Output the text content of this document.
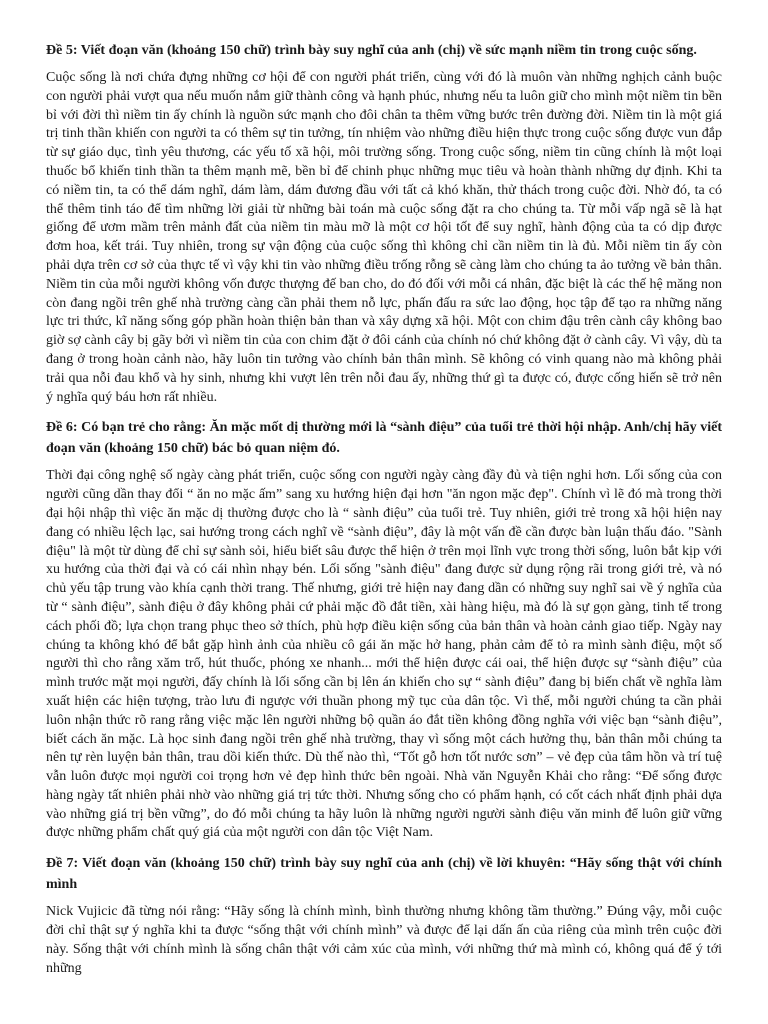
Đề 5: Viết đoạn văn (khoảng 150 chữ) trình bày suy nghĩ của anh (chị) về sức mạnh niềm tin trong cuộc sống.
Cuộc sống là nơi chứa đựng những cơ hội để con người phát triển, cùng với đó là muôn vàn những nghịch cảnh buộc con người phải vượt qua nếu muốn nắm giữ thành công và hạnh phúc, nhưng nếu ta luôn giữ cho mình một niềm tin bền bỉ với đời thì niềm tin ấy chính là nguồn sức mạnh cho đôi chân ta thêm vững bước trên đường đời. Niềm tin là một giá trị tinh thần khiến con người ta có thêm sự tin tưởng, tín nhiệm vào những điều hiện thực trong cuộc sống được vun đắp từ sự giáo dục, tình yêu thương, các yếu tố xã hội, môi trường sống. Trong cuộc sống, niềm tin cũng chính là một loại thuốc bổ khiến tinh thần ta thêm mạnh mẽ, bền bỉ để chinh phục những mục tiêu và hoàn thành những dự định. Khi ta có niềm tin, ta có thể dám nghĩ, dám làm, dám đương đầu với tất cả khó khăn, thử thách trong cuộc đời. Nhờ đó, ta có thể thêm tinh táo để tìm những lời giải từ những bài toán mà cuộc sống đặt ra cho chúng ta. Từ mỗi vấp ngã sẽ là hạt giống để ươm mầm trên mảnh đất của niềm tin màu mỡ là một cơ hội tốt để suy nghĩ, hành động của ta có dịp được đơm hoa, kết trái. Tuy nhiên, trong sự vận động của cuộc sống thì không chỉ cần niềm tin là đủ. Mỗi niềm tin ấy còn phải dựa trên cơ sở của thực tế vì vậy khi tin vào những điều trống rỗng sẽ càng làm cho chúng ta ảo tưởng về bản thân. Niềm tin của mỗi người không vốn được thượng đế ban cho, do đó đối với mỗi cá nhân, đặc biệt là các thế hệ măng non còn đang ngồi trên ghế nhà trường càng cần phải them nỗ lực, phấn đấu ra sức lao động, học tập để tạo ra những năng lực tri thức, kĩ năng sống góp phần hoàn thiện bản than và xây dựng xã hội. Một con chim đậu trên cành cây không bao giờ sợ cành cây bị gãy bởi vì niềm tin của con chim đặt ở đôi cánh của chính nó chứ không đặt ở cành cây. Vì vậy, dù ta đang ở trong hoàn cảnh nào, hãy luôn tin tưởng vào chính bản thân mình. Sẽ không có vinh quang nào mà không phải trải qua nỗi đau khổ và hy sinh, nhưng khi vượt lên trên nỗi đau ấy, những thứ gì ta được có, được cống hiến sẽ trở nên ý nghĩa quý báu hơn rất nhiều.
Đề 6: Có bạn trẻ cho rằng: Ăn mặc mốt dị thường mới là “sành điệu” của tuổi trẻ thời hội nhập. Anh/chị hãy viết đoạn văn (khoảng 150 chữ) bác bỏ quan niệm đó.
Thời đại công nghệ số ngày càng phát triển, cuộc sống con người ngày càng đầy đủ và tiện nghi hơn. Lối sống của con người cũng dần thay đổi “ ăn no mặc ấm” sang xu hướng hiện đại hơn "ăn ngon mặc đẹp". Chính vì lẽ đó mà trong thời đại hội nhập thì việc ăn mặc dị thường được cho là “ sành điệu” của tuổi trẻ. Tuy nhiên, giới trẻ trong xã hội hiện nay đang có nhiều lệch lạc, sai hướng trong cách nghĩ về “sành điệu”, đây là một vấn đề cần được bàn luận thấu đáo. "Sành điệu" là một từ dùng để chỉ sự sành sỏi, hiểu biết sâu được thể hiện ở trên mọi lĩnh vực trong thời sống, luôn bắt kịp với xu hướng của thời đại và có cái nhìn nhạy bén. Lối sống "sành điệu" đang được sử dụng rộng rãi trong giới trẻ, và nó chủ yếu tập trung vào khía cạnh thời trang. Thế nhưng, giới trẻ hiện nay đang dần có những suy nghĩ sai về ý nghĩa của từ “ sành điệu”, sành điệu ở đây không phải cứ phải mặc đồ đắt tiền, xài hàng hiệu, mà đó là sự gọn gàng, tinh tế trong cách phối đồ; lựa chọn trang phục theo sở thích, phù hợp điều kiện sống của bản thân và hoàn cảnh giao tiếp. Ngày nay chúng ta không khó để bắt gặp hình ảnh của nhiều cô gái ăn mặc hở hang, phản cảm để tỏ ra mình sành điệu, một số người thì cho rằng xăm trổ, hút thuốc, phóng xe nhanh... mới thể hiện được cái oai, thể hiện được sự “sành điệu” của mình trước mặt mọi người, đấy chính là lối sống cần bị lên án khiến cho sự “ sành điệu” đang bị biến chất về nghĩa làm xuất hiện các hiện tượng, trào lưu đi ngược với thuần phong mỹ tục của dân tộc. Vì thế, mỗi người chúng ta cần phải luôn nhận thức rõ rang rằng việc mặc lên người những bộ quần áo đắt tiền không đồng nghĩa với việc bạn “sành điệu”, biết cách ăn mặc. Là học sinh đang ngồi trên ghế nhà trường, thay vì sống một cách hưởng thụ, bản thân mỗi chúng ta nên tự rèn luyện bản thân, trau dồi kiến thức. Dù thế nào thì, “Tốt gỗ hơn tốt nước sơn” – vẻ đẹp của tâm hồn và trí tuệ vẫn luôn được mọi người coi trọng hơn vẻ đẹp hình thức bên ngoài. Nhà văn Nguyễn Khải cho rằng: “Để sống được hàng ngày tất nhiên phải nhờ vào những giá trị tức thời. Nhưng sống cho có phẩm hạnh, có cốt cách nhất định phải dựa vào những giá trị bền vững”, do đó mỗi chúng ta hãy luôn là những người người sành điệu văn minh để luôn giữ vững được những phẩm chất quý giá của một người con dân tộc Việt Nam.
Đề 7: Viết đoạn văn (khoảng 150 chữ) trình bày suy nghĩ của anh (chị) về lời khuyên: “Hãy sống thật với chính mình
Nick Vujicic đã từng nói rằng: “Hãy sống là chính mình, bình thường nhưng không tầm thường.” Đúng vậy, mỗi cuộc đời chỉ thật sự ý nghĩa khi ta được “sống thật với chính mình” và được để lại dấn ấn của riêng của mình trên cuộc đời này. Sống thật với chính mình là sống chân thật với cảm xúc của mình, với những thứ mà mình có, không quá để ý tới những
